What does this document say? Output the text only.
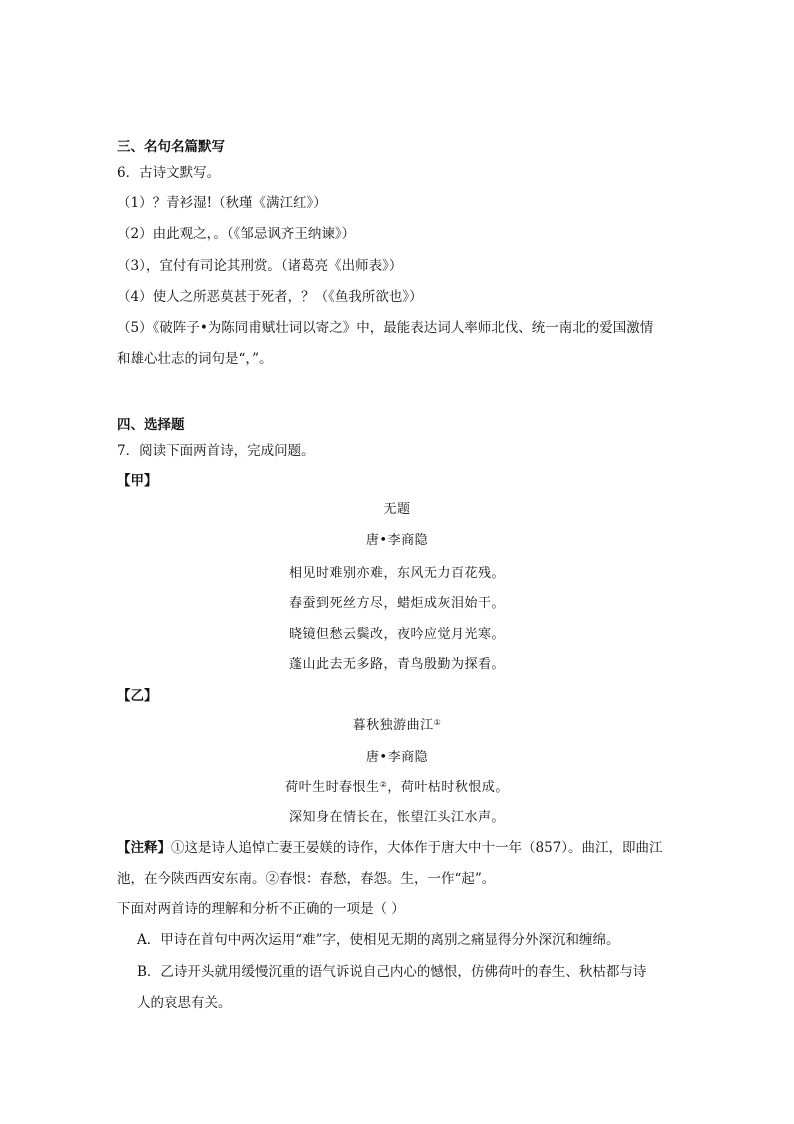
三、名句名篇默写
6．古诗文默写。
（1）？青衫湿!（秋瑾《满江红》）
（2）由此观之，。（《邹忌讽齐王纳谏》）
（3），宜付有司论其刑赏。（诸葛亮《出师表》）
（4）使人之所恶莫甚于死者，？（《鱼我所欲也》）
（5）《破阵子•为陈同甫赋壮词以寄之》中，最能表达词人率师北伐、统一南北的爱国激情
和雄心壮志的词句是“，”。
四、选择题
7．阅读下面两首诗，完成问题。
【甲】
无题
唐•李商隐
相见时难别亦难，东风无力百花残。
春蚕到死丝方尽，蜡炬成灰泪始干。
晓镜但愁云鬓改，夜吟应觉月光寒。
蓬山此去无多路，青鸟殷勤为探看。
【乙】
暮秋独游曲江①
唐•李商隐
荷叶生时春恨生②，荷叶枯时秋恨成。
深知身在情长在，怅望江头江水声。
【注释】①这是诗人追悼亡妻王晏媄的诗作，大体作于唐大中十一年（857）。曲江，即曲江
池，在今陕西西安东南。②春恨：春愁，春怨。生，一作“起”。
下面对两首诗的理解和分析不正确的一项是（ ）
A．甲诗在首句中两次运用“难”字，使相见无期的离别之痛显得分外深沉和缠绵。
B．乙诗开头就用缓慢沉重的语气诉说自己内心的憾恨，仿佛荷叶的春生、秋枯都与诗
人的哀思有关。
